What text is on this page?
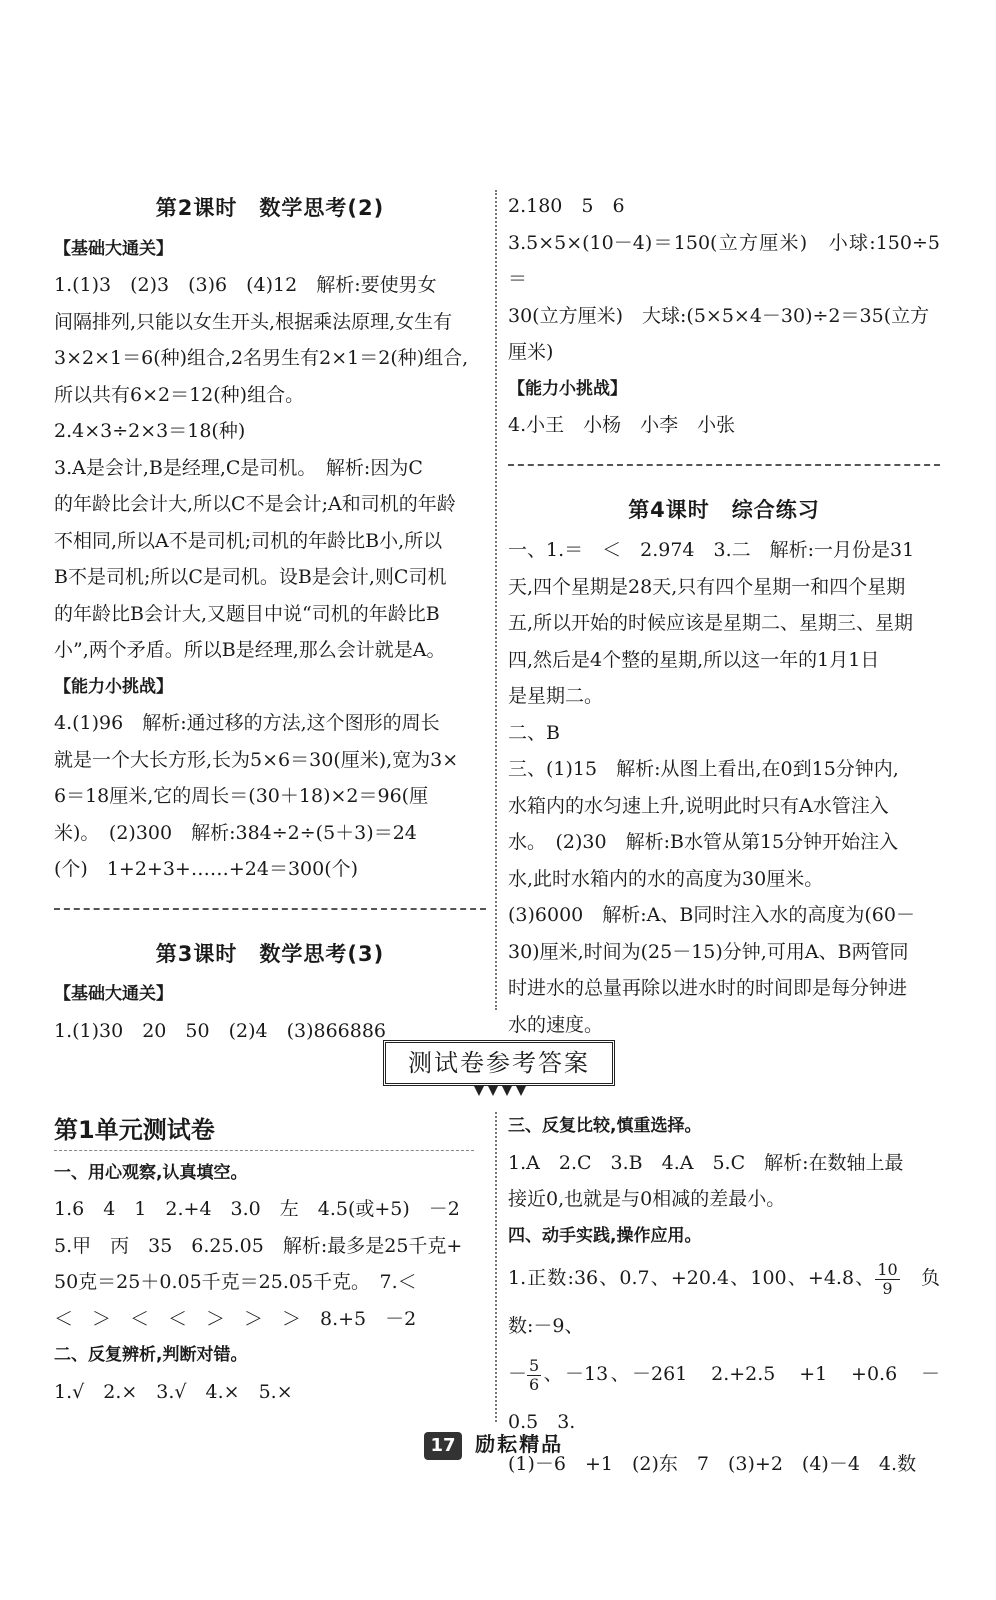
第2课时　数学思考(2)
【基础大通关】
1.(1)3　(2)3　(3)6　(4)12　解析:要使男女
间隔排列,只能以女生开头,根据乘法原理,女生有
3×2×1＝6(种)组合,2名男生有2×1＝2(种)组合,
所以共有6×2＝12(种)组合。
2.4×3÷2×3＝18(种)
3.A是会计,B是经理,C是司机。　解析:因为C
的年龄比会计大,所以C不是会计;A和司机的年龄
不相同,所以A不是司机;司机的年龄比B小,所以
B不是司机;所以C是司机。设B是会计,则C司机
的年龄比B会计大,又题目中说“司机的年龄比B
小”,两个矛盾。所以B是经理,那么会计就是A。
【能力小挑战】
4.(1)96　解析:通过移的方法,这个图形的周长
就是一个大长方形,长为5×6＝30(厘米),宽为3×
6＝18厘米,它的周长＝(30＋18)×2＝96(厘
米)。　(2)300　解析:384÷2÷(5＋3)＝24
(个)　1+2+3+……+24＝300(个)
第3课时　数学思考(3)
【基础大通关】
1.(1)30　20　50　(2)4　(3)866886
2.180　5　6
3.5×5×(10－4)＝150(立方厘米)　小球:150÷5＝
30(立方厘米)　大球:(5×5×4－30)÷2＝35(立方
厘米)
【能力小挑战】
4.小王　小杨　小李　小张
第4课时　综合练习
一、1.＝　＜　2.974　3.二　解析:一月份是31
天,四个星期是28天,只有四个星期一和四个星期
五,所以开始的时候应该是星期二、星期三、星期
四,然后是4个整的星期,所以这一年的1月1日
是星期二。
二、B
三、(1)15　解析:从图上看出,在0到15分钟内,
水箱内的水匀速上升,说明此时只有A水管注入
水。　(2)30　解析:B水管从第15分钟开始注入
水,此时水箱内的水的高度为30厘米。
(3)6000　解析:A、B同时注入水的高度为(60－
30)厘米,时间为(25－15)分钟,可用A、B两管同
时进水的总量再除以进水时的时间即是每分钟进
水的速度。
测试卷参考答案
第1单元测试卷
一、用心观察,认真填空。
1.6　4　1　2.+4　3.0　左　4.5(或+5)　－2
5.甲　丙　35　6.25.05　解析:最多是25千克+
50克＝25＋0.05千克＝25.05千克。　7.＜
＜　＞　＜　＜　＞　＞　＞　8.+5　－2
二、反复辨析,判断对错。
1.√　2.×　3.√　4.×　5.×
三、反复比较,慎重选择。
1.A　2.C　3.B　4.A　5.C　解析:在数轴上最
接近0,也就是与0相减的差最小。
四、动手实践,操作应用。
1.正数:36、0.7、+20.4、100、+4.8、 $\frac{10}{9}$ 　负数:－9、
－ $\frac{5}{6}$ 、－13、－261　2.+2.5　+1　+0.6　－0.5　3.
(1)－6　+1　(2)东　7　(3)+2　(4)－4　4.数
17 励耘精品
